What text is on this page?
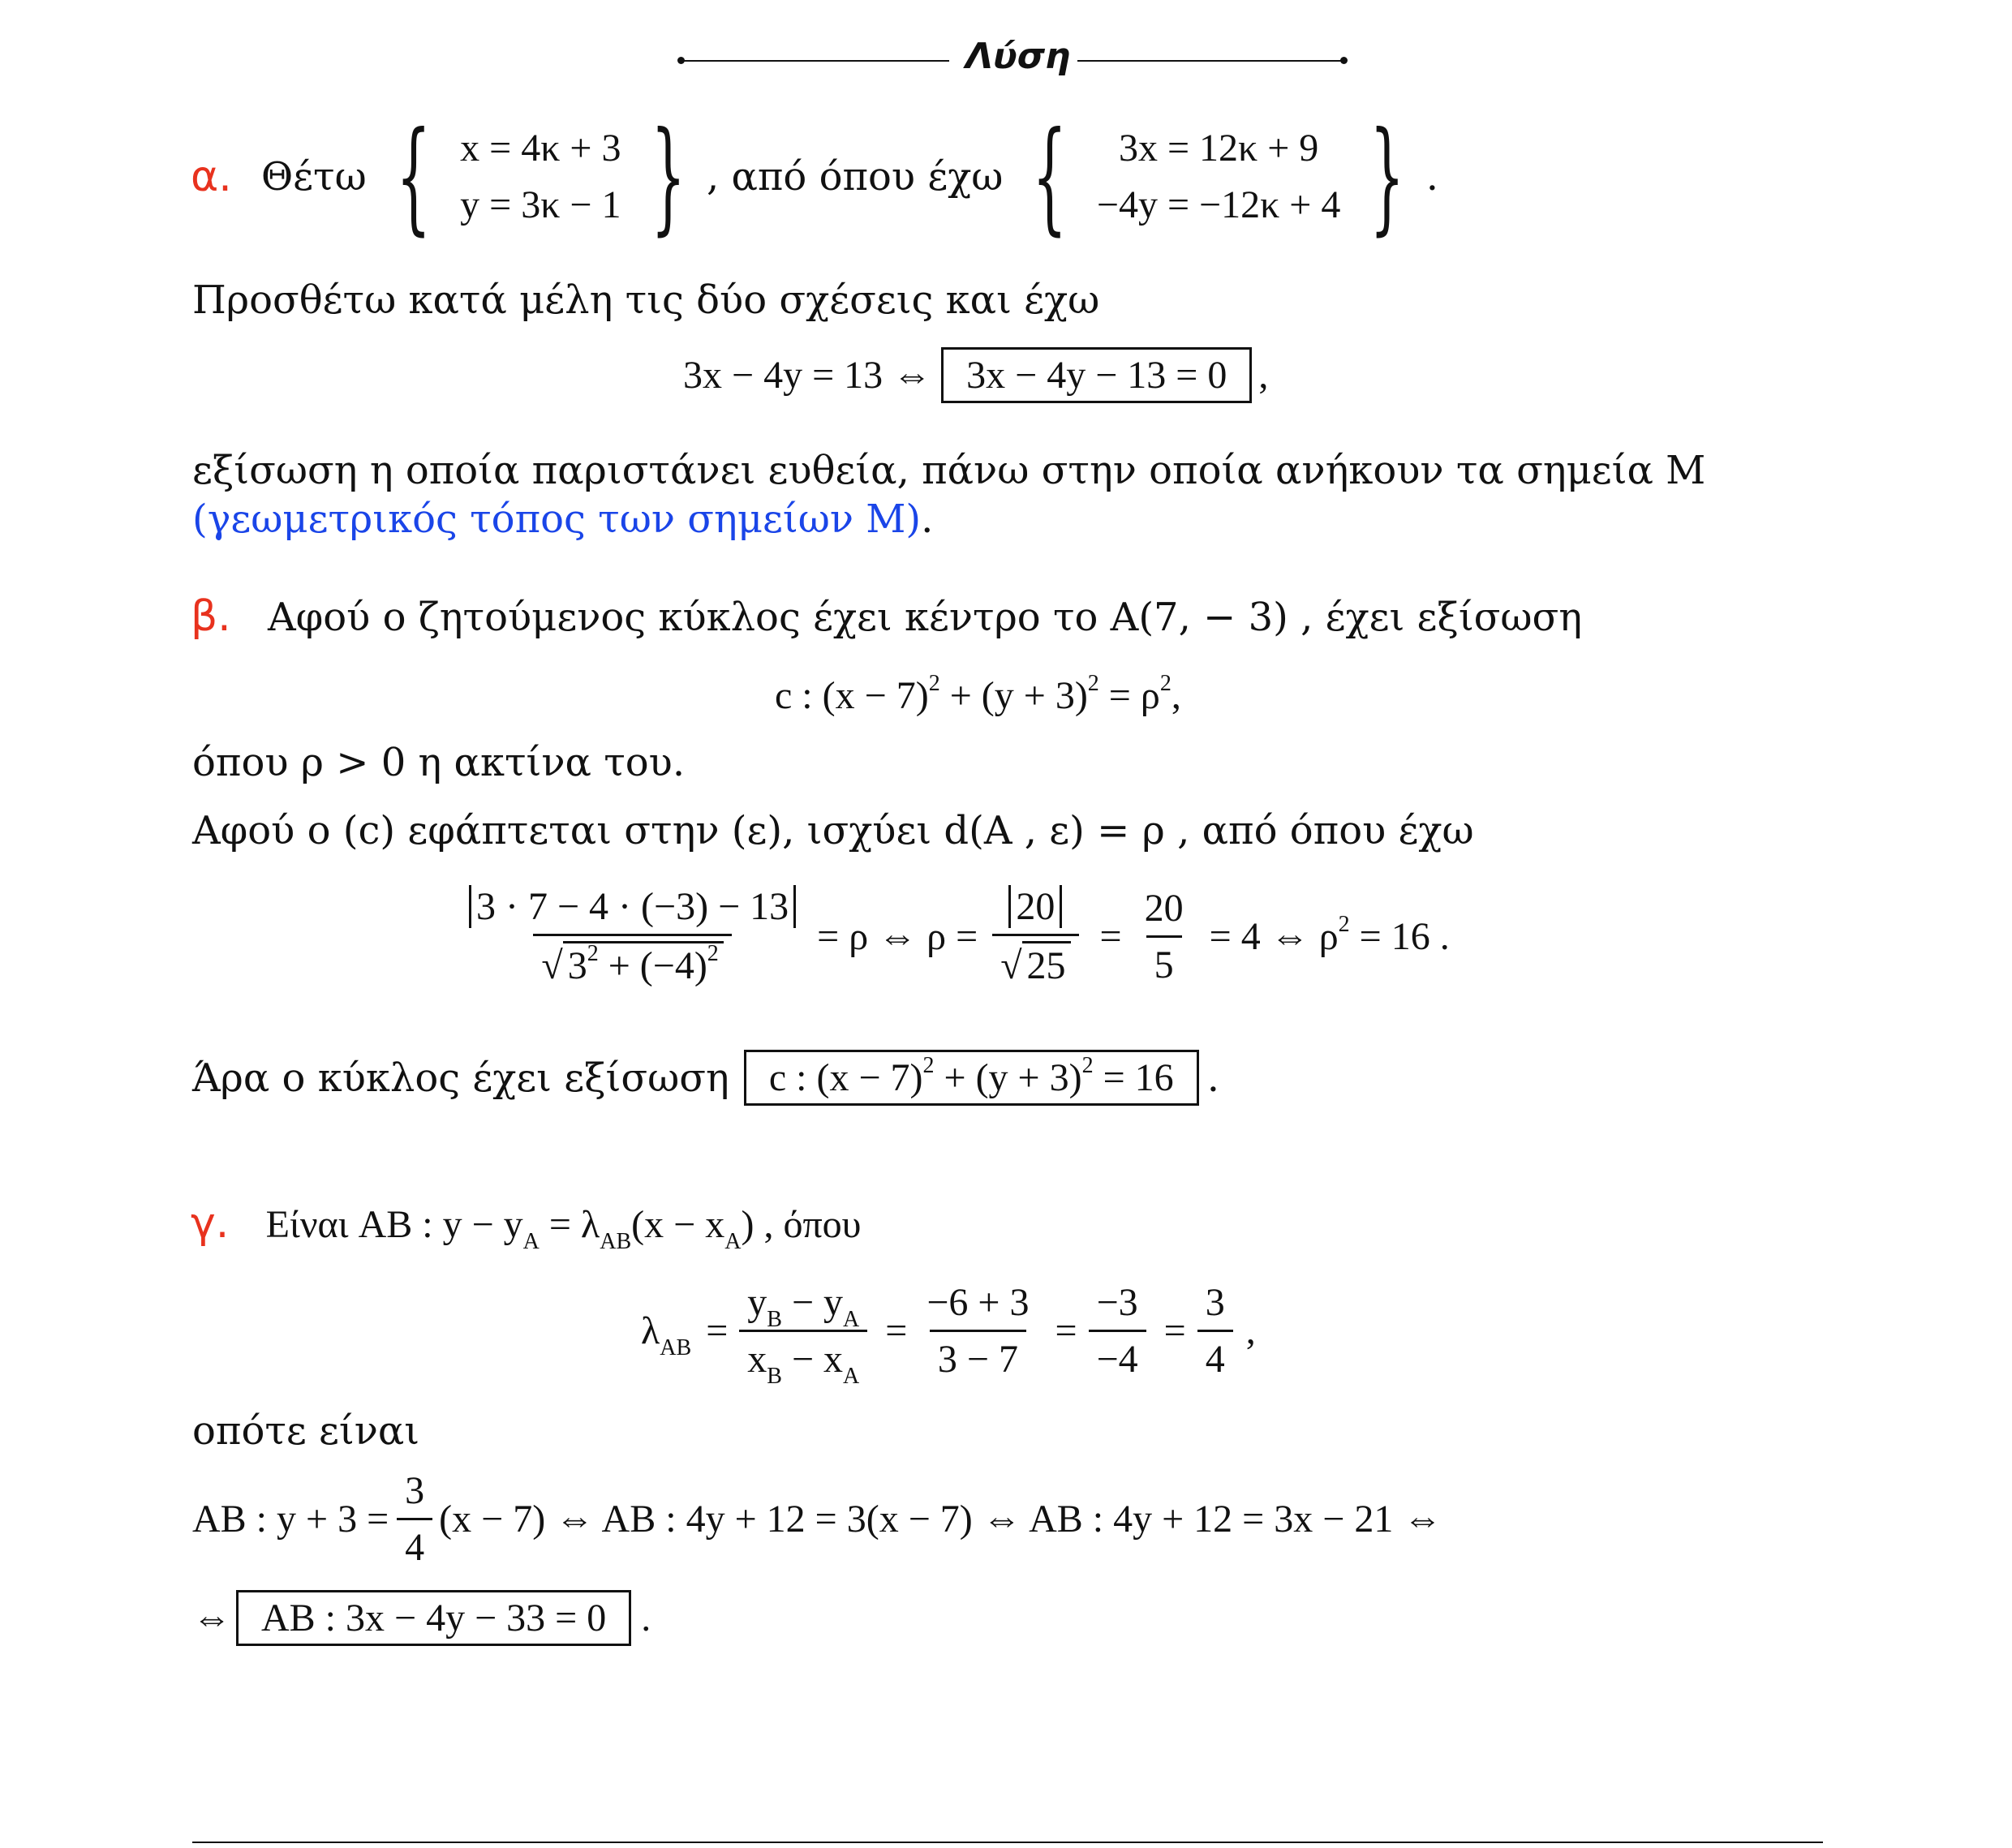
Λύση
α. Θέτω { x = 4κ + 3
y = 3κ − 1 } , από όπου έχω { 3x = 12κ + 9
−4y = −12κ + 4 } .
Προσθέτω κατά μέλη τις δύο σχέσεις και έχω
3x − 4y = 13 ⇔ 3x − 4y − 13 = 0 ,
εξίσωση η οποία παριστάνει ευθεία, πάνω στην οποία ανήκουν τα σημεία M
(γεωμετρικός τόπος των σημείων M).
β. Αφού ο ζητούμενος κύκλος έχει κέντρο το A(7, − 3) , έχει εξίσωση
c : $(x - 7)^2 + (y + 3)^2 = \rho^2$,
όπου ρ > 0 η ακτίνα του.
Αφού ο (c) εφάπτεται στην (ε), ισχύει d(A , ε) = ρ , από όπου έχω
$\frac{3 \cdot 7 - 4 \cdot (-3) - 13}{√ 3^2 + (-4)^2} = \rho$ ⇔ $\rho = \frac{20}{√ 25} = \frac{20}{5} = 4$ ⇔ $\rho^2 = 16$ .
Άρα ο κύκλος έχει εξίσωση	c : $(x - 7)^2 + (y + 3)^2 = 16$ .
γ. Είναι AB : $y - y_A = \lambda_{AB}(x - x_A)$ , όπου
$\lambda_{AB} = \frac{y_B - y_A}{x_B - x_A} = \frac{-6 + 3}{3 - 7} = \frac{-3}{-4} = \frac{3}{4}$ ,
οπότε είναι
AB : $y + 3 = \frac{3}{4} (x - 7)$ ⇔ AB : 4y + 12 = 3(x − 7) ⇔ AB : 4y + 12 = 3x − 21 ⇔
⇔ AB : 3x − 4y − 33 = 0 .
